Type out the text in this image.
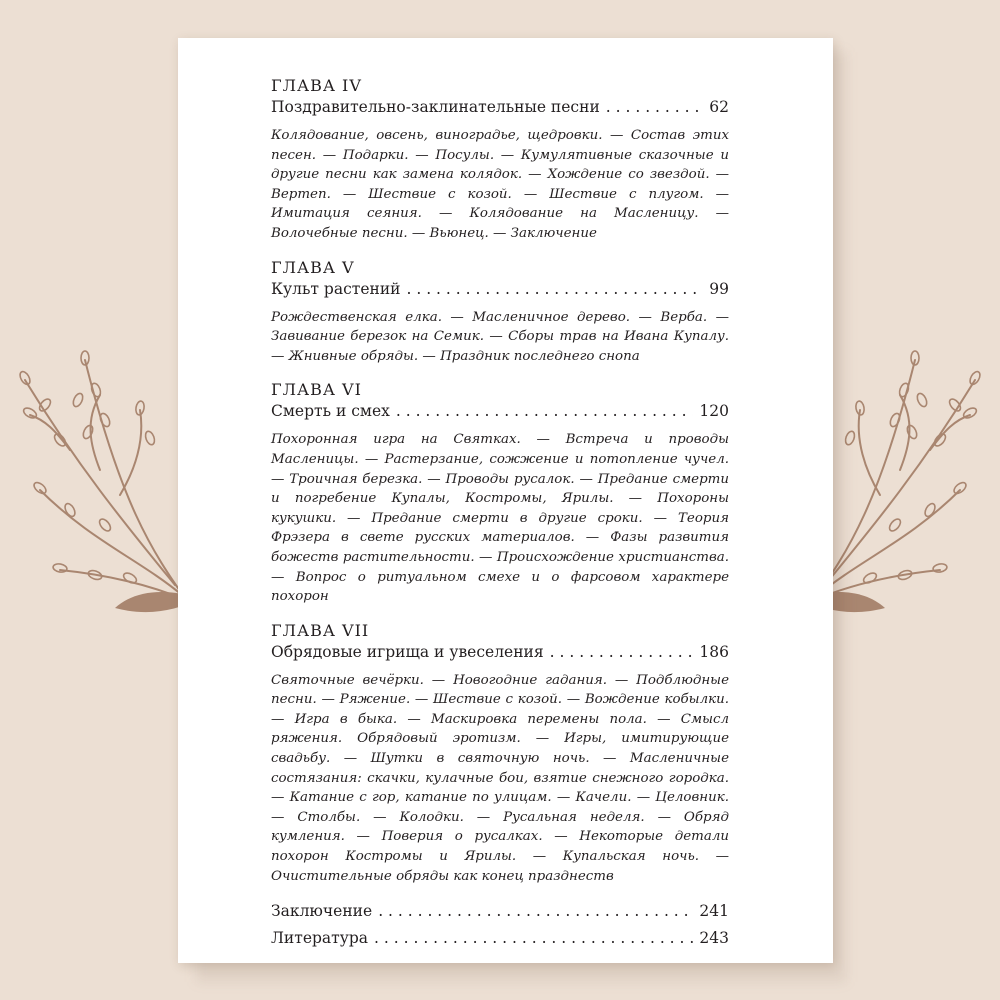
ГЛАВА IV
Поздравительно-заклинательные песни . . .	62
Колядование, овсень, виноградье, щедровки. — Состав этих песен. — Подарки. — Посулы. — Кумулятивные сказочные и другие песни как замена колядок. — Хождение со звездой. — Вертеп. — Шествие с козой. — Шествие с плугом. — Имитация сеяния. — Колядование на Масленицу. — Волочебные песни. — Вьюнец. — Заключение
ГЛАВА V
Культ растений . . .	99
Рождественская елка. — Масленичное дерево. — Верба. — Завивание березок на Семик. — Сборы трав на Ивана Купалу. — Жнивные обряды. — Праздник последнего снопа
ГЛАВА VI
Смерть и смех . . .	120
Похоронная игра на Святках. — Встреча и проводы Масленицы. — Растерзание, сожжение и потопление чучел. — Троичная березка. — Проводы русалок. — Предание смерти и погребение Купалы, Костромы, Ярилы. — Похороны кукушки. — Предание смерти в другие сроки. — Теория Фрэзера в свете русских материалов. — Фазы развития божеств растительности. — Происхождение христианства. — Вопрос о ритуальном смехе и о фарсовом характере похорон
ГЛАВА VII
Обрядовые игрища и увеселения . . .	186
Святочные вечёрки. — Новогодние гадания. — Подблюдные песни. — Ряжение. — Шествие с козой. — Вождение кобылки. — Игра в быка. — Маскировка перемены пола. — Смысл ряжения. Обрядовый эротизм. — Игры, имитирующие свадьбу. — Шутки в святочную ночь. — Масленичные состязания: скачки, кулачные бои, взятие снежного городка. — Катание с гор, катание по улицам. — Качели. — Целовник. — Столбы. — Колодки. — Русальная неделя. — Обряд кумления. — Поверия о русалках. — Некоторые детали похорон Костромы и Ярилы. — Купальская ночь. — Очистительные обряды как конец празднеств
Заключение . . .	241
Литература . . .	243
